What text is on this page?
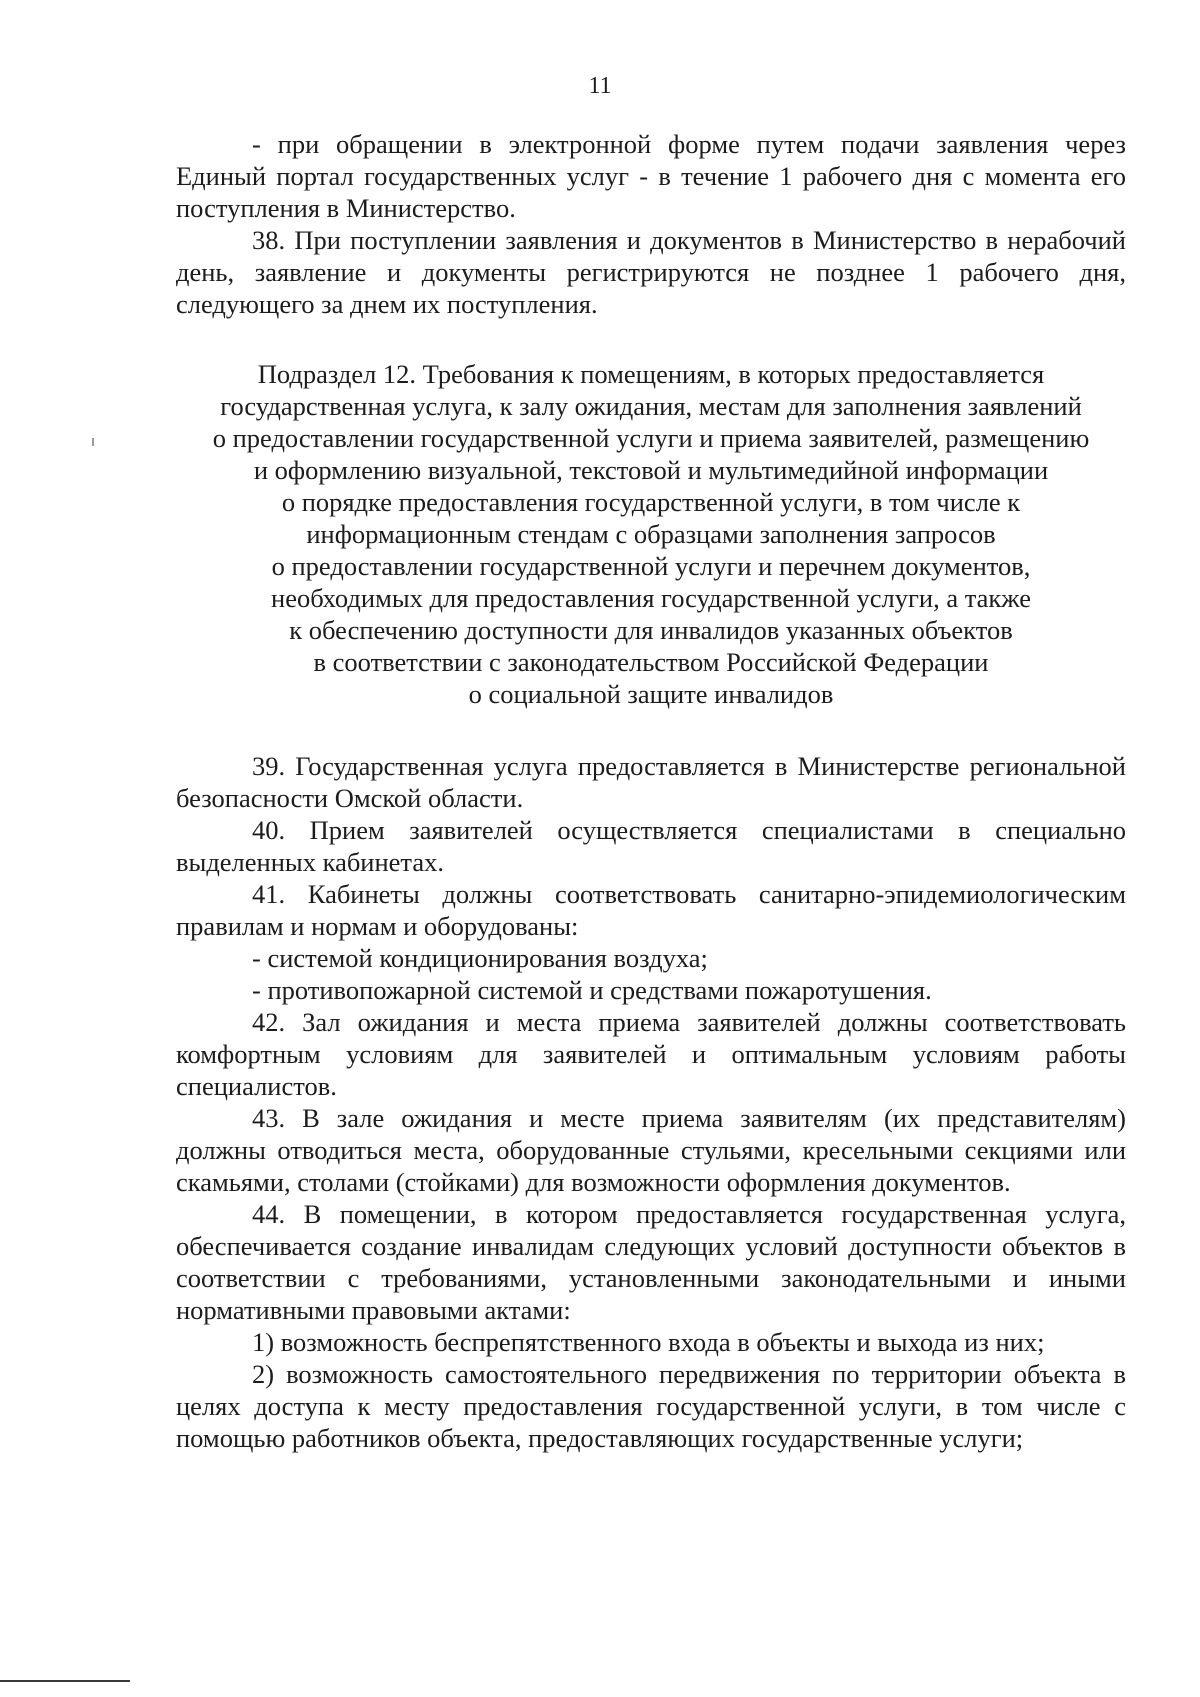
11

- при обращении в электронной форме путем подачи заявления через Единый портал государственных услуг - в течение 1 рабочего дня с момента его поступления в Министерство.

38. При поступлении заявления и документов в Министерство в нерабочий день, заявление и документы регистрируются не позднее 1 рабочего дня, следующего за днем их поступления.

Подраздел 12. Требования к помещениям, в которых предоставляется
государственная услуга, к залу ожидания, местам для заполнения заявлений
о предоставлении государственной услуги и приема заявителей, размещению
и оформлению визуальной, текстовой и мультимедийной информации
о порядке предоставления государственной услуги, в том числе к
информационным стендам с образцами заполнения запросов
о предоставлении государственной услуги и перечнем документов,
необходимых для предоставления государственной услуги, а также
к обеспечению доступности для инвалидов указанных объектов
в соответствии с законодательством Российской Федерации
о социальной защите инвалидов

39. Государственная услуга предоставляется в Министерстве региональной безопасности Омской области.

40. Прием заявителей осуществляется специалистами в специально выделенных кабинетах.

41. Кабинеты должны соответствовать санитарно-эпидемиологическим правилам и нормам и оборудованы:

- системой кондиционирования воздуха;

- противопожарной системой и средствами пожаротушения.

42. Зал ожидания и места приема заявителей должны соответствовать комфортным условиям для заявителей и оптимальным условиям работы специалистов.

43. В зале ожидания и месте приема заявителям (их представителям) должны отводиться места, оборудованные стульями, кресельными секциями или скамьями, столами (стойками) для возможности оформления документов.

44. В помещении, в котором предоставляется государственная услуга, обеспечивается создание инвалидам следующих условий доступности объектов в соответствии с требованиями, установленными законодательными и иными нормативными правовыми актами:

1) возможность беспрепятственного входа в объекты и выхода из них;

2) возможность самостоятельного передвижения по территории объекта в целях доступа к месту предоставления государственной услуги, в том числе с помощью работников объекта, предоставляющих государственные услуги;
